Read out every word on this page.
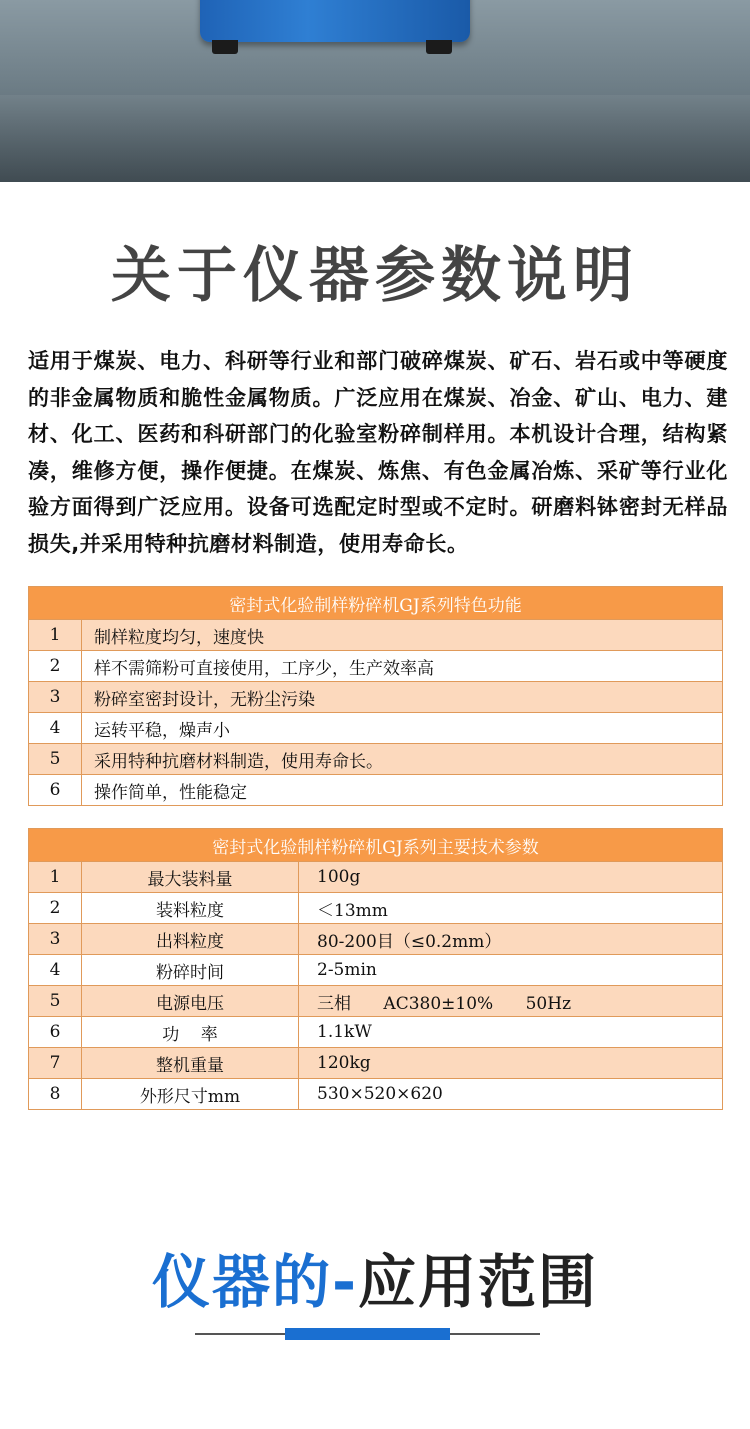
关于仪器参数说明
适用于煤炭、电力、科研等行业和部门破碎煤炭、矿石、岩石或中等硬度的非金属物质和脆性金属物质。广泛应用在煤炭、冶金、矿山、电力、建材、化工、医药和科研部门的化验室粉碎制样用。本机设计合理，结构紧凑，维修方便，操作便捷。在煤炭、炼焦、有色金属冶炼、采矿等行业化验方面得到广泛应用。设备可选配定时型或不定时。研磨料钵密封无样品损失,并采用特种抗磨材料制造，使用寿命长。
密封式化验制样粉碎机GJ系列特色功能	
1	制样粒度均匀，速度快
2	样不需筛粉可直接使用，工序少，生产效率高
3	粉碎室密封设计，无粉尘污染
4	运转平稳，燥声小
5	采用特种抗磨材料制造，使用寿命长。
6	操作简单，性能稳定
密封式化验制样粉碎机GJ系列主要技术参数		
1	最大装料量	100g
2	装料粒度	＜13mm
3	出料粒度	80-200目（≤0.2mm）
4	粉碎时间	2-5min
5	电源电压	三相      AC380±10%      50Hz
6	功    率	1.1kW
7	整机重量	120kg
8	外形尺寸mm	530×520×620
仪器的-应用范围
